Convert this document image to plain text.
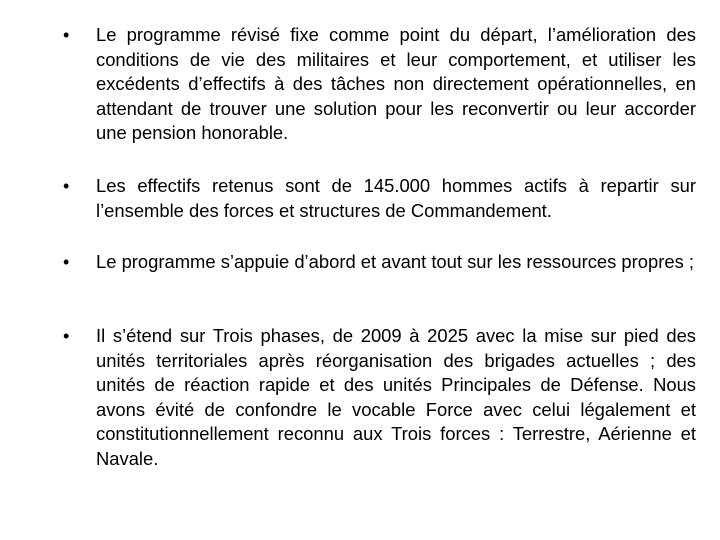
• Le programme révisé fixe comme point du départ, l’amélioration des conditions de vie des militaires et leur comportement, et utiliser les excédents d’effectifs à des tâches non directement opérationnelles, en attendant de trouver une solution pour les reconvertir ou leur accorder une pension honorable.

• Les effectifs retenus sont de 145.000 hommes actifs à repartir sur l’ensemble des forces et structures de Commandement.

• Le programme s’appuie d’abord et avant tout sur les ressources propres ;

• Il s’étend sur Trois phases, de 2009 à 2025 avec la mise sur pied des unités territoriales après réorganisation des brigades actuelles ; des unités de réaction rapide et des unités Principales de Défense. Nous avons évité de confondre le vocable Force avec celui légalement et constitutionnellement reconnu aux Trois forces : Terrestre, Aérienne et Navale.
